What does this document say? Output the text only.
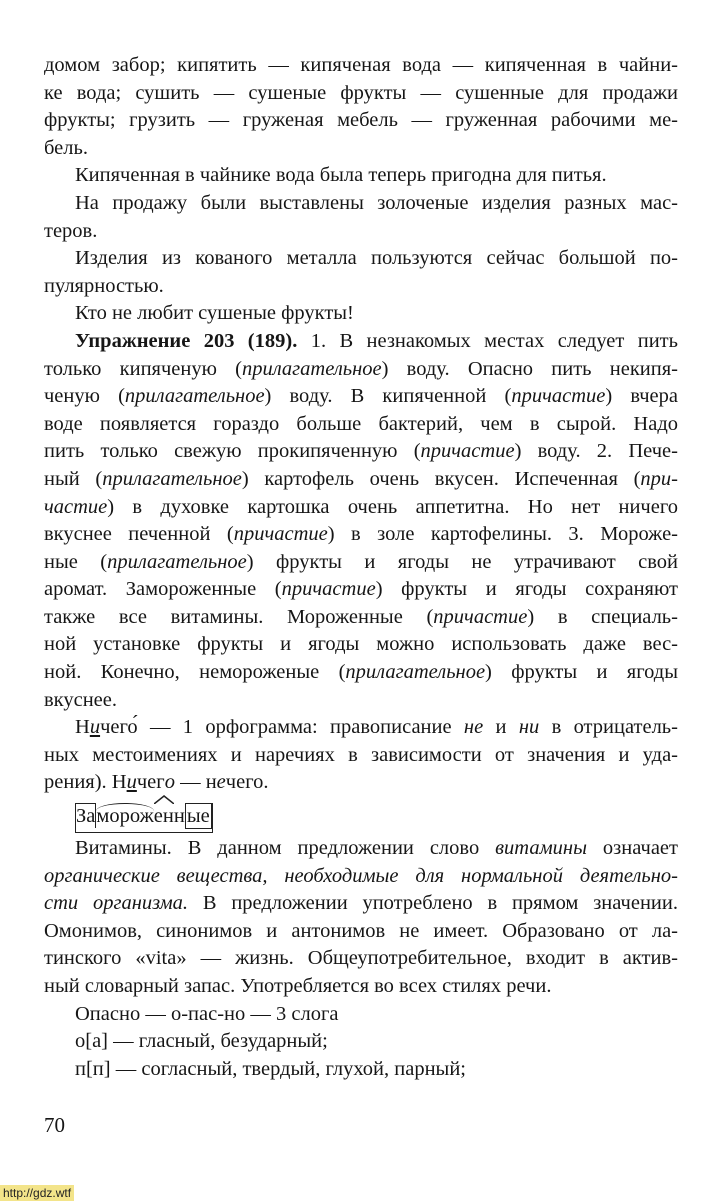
домом забор; кипятить — кипяченая вода — кипяченная в чайни-
ке вода; сушить — сушеные фрукты — сушенные для продажи
фрукты; грузить — груженая мебель — груженная рабочими ме-
бель.
Кипяченная в чайнике вода была теперь пригодна для питья.
На продажу были выставлены золоченые изделия разных мас-
теров.
Изделия из кованого металла пользуются сейчас большой по-
пулярностью.
Кто не любит сушеные фрукты!
Упражнение 203 (189). 1. В незнакомых местах следует пить
только кипяченую (прилагательное) воду. Опасно пить некипя-
ченую (прилагательное) воду. В кипяченной (причастие) вчера
воде появляется гораздо больше бактерий, чем в сырой. Надо
пить только свежую прокипяченную (причастие) воду. 2. Пече-
ный (прилагательное) картофель очень вкусен. Испеченная (при-
частие) в духовке картошка очень аппетитна. Но нет ничего
вкуснее печенной (причастие) в золе картофелины. 3. Мороже-
ные (прилагательное) фрукты и ягоды не утрачивают свой
аромат. Замороженные (причастие) фрукты и ягоды сохраняют
также все витамины. Мороженные (причастие) в специаль-
ной установке фрукты и ягоды можно использовать даже вес-
ной. Конечно, немороженые (прилагательное) фрукты и ягоды
вкуснее.
Ничего́ — 1 орфограмма: правописание не и ни в отрицатель-
ных местоимениях и наречиях в зависимости от значения и уда-
рения). Ничего — нечего.
Заморож
енные
Витамины. В данном предложении слово витамины означает
органические вещества, необходимые для нормальной деятельно-
сти организма. В предложении употреблено в прямом значении.
Омонимов, синонимов и антонимов не имеет. Образовано от ла-
тинского «vita» — жизнь. Общеупотребительное, входит в актив-
ный словарный запас. Употребляется во всех стилях речи.
Опасно — о-пас-но — 3 слога
о[а] — гласный, безударный;
п[п] — согласный, твердый, глухой, парный;
70
http://gdz.wtf
